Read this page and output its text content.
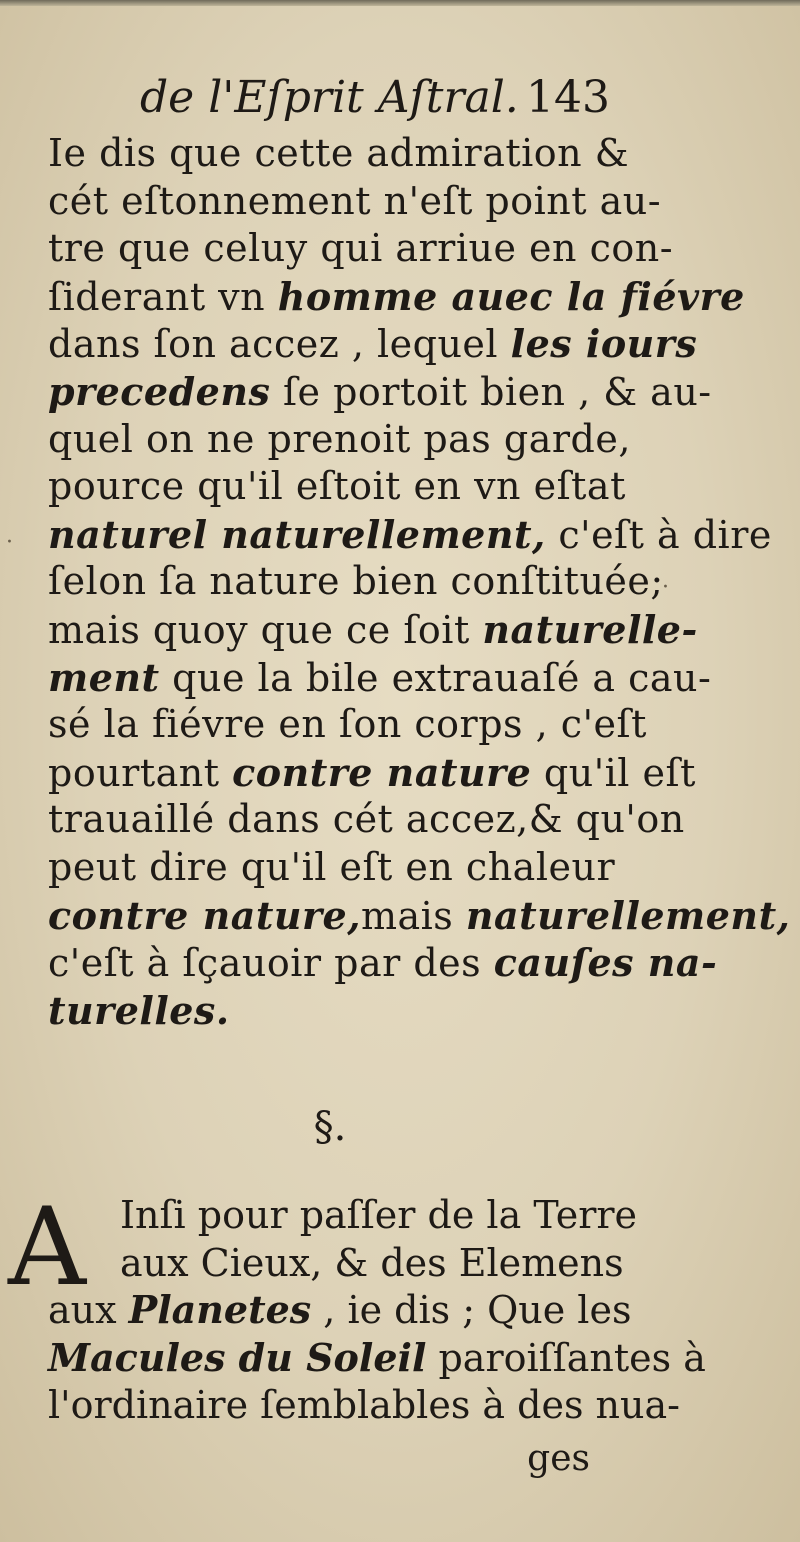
de l'Eſprit Aſtral. 143
Ie dis que cette admiration &
cét eſtonnement n'eſt point au-
tre que celuy qui arriue en con-
ſiderant vn homme auec la fiévre
dans ſon accez , lequel les iours
precedens ſe portoit bien , & au-
quel on ne prenoit pas garde,
pource qu'il eſtoit en vn eſtat
naturel naturellement, c'eſt à dire
ſelon ſa nature bien conſtituée;
mais quoy que ce ſoit naturelle-
ment que la bile extrauaſé a cau-
sé la fiévre en ſon corps , c'eſt
pourtant contre nature qu'il eſt
trauaillé dans cét accez,& qu'on
peut dire qu'il eſt en chaleur
contre nature,mais naturellement,
c'eſt à ſçauoir par des cauſes na-
turelles.
§.
A Inſi pour paſſer de la Terre
aux Cieux, & des Elemens
aux Planetes , ie dis ; Que les
Macules du Soleil paroiſſantes à
l'ordinaire ſemblables à des nua-
ges
·
·
